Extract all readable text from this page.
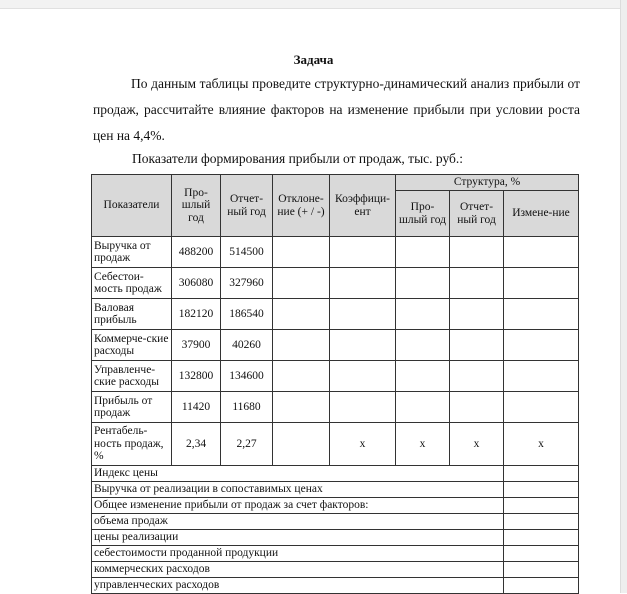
Задача

По данным таблицы проведите структурно-динамический анализ прибыли от продаж, рассчитайте влияние факторов на изменение прибыли при условии роста цен на 4,4%.

Показатели формирования прибыли от продаж, тыс. руб.:
Показатели	Про-шлый год	Отчет-ный год	Отклоне-ние (+ / -)	Коэффици-ент	Структура, %		
					Про-шлый год	Отчет-ный год	Измене-ние
Выручка от продаж	488200	514500					
Себестои-мость продаж	306080	327960					
Валовая прибыль	182120	186540					
Коммерче-ские расходы	37900	40260					
Управленче-ские расходы	132800	134600					
Прибыль от продаж	11420	11680					
Рентабель-ность продаж, %	2,34	2,27		х	х	х	х
Индекс цены							
Выручка от реализации в сопоставимых ценах							
Общее изменение прибыли от продаж за счет факторов:							
объема продаж							
цены реализации							
себестоимости проданной продукции							
коммерческих расходов							
управленческих расходов							
